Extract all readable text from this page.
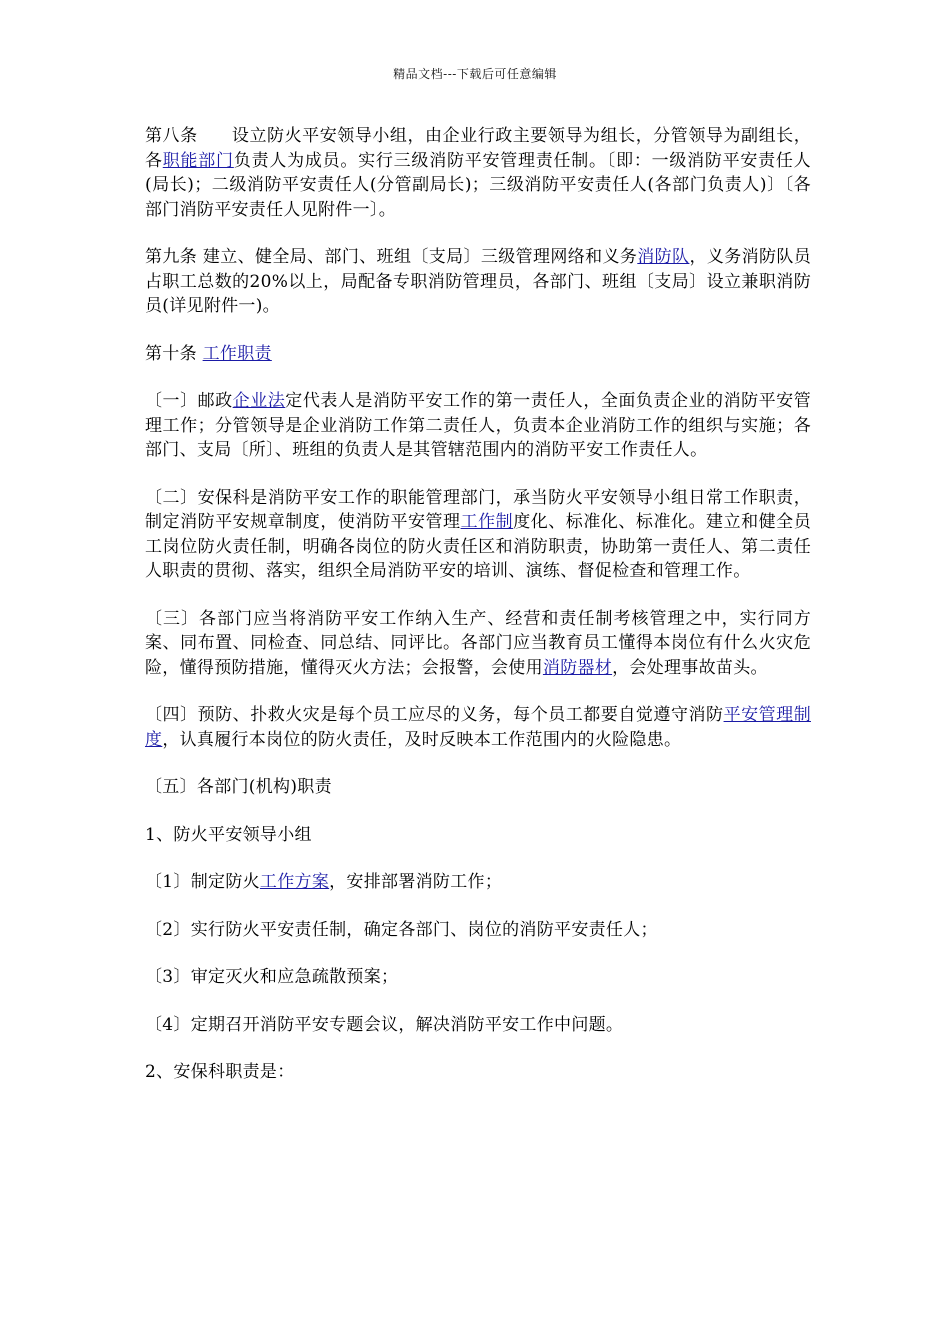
精品文档---下载后可任意编辑

第八条 设立防火平安领导小组，由企业行政主要领导为组长，分管领导为副组长，各职能部门负责人为成员。实行三级消防平安管理责任制。〔即：一级消防平安责任人(局长)；二级消防平安责任人(分管副局长)；三级消防平安责任人(各部门负责人)〕〔各部门消防平安责任人见附件一〕。

第九条 建立、健全局、部门、班组〔支局〕三级管理网络和义务消防队，义务消防队员占职工总数的20%以上，局配备专职消防管理员，各部门、班组〔支局〕设立兼职消防员(详见附件一)。

第十条 工作职责

〔一〕邮政企业法定代表人是消防平安工作的第一责任人，全面负责企业的消防平安管理工作；分管领导是企业消防工作第二责任人，负责本企业消防工作的组织与实施；各部门、支局〔所〕、班组的负责人是其管辖范围内的消防平安工作责任人。

〔二〕安保科是消防平安工作的职能管理部门，承当防火平安领导小组日常工作职责，制定消防平安规章制度，使消防平安管理工作制度化、标准化、标准化。建立和健全员工岗位防火责任制，明确各岗位的防火责任区和消防职责，协助第一责任人、第二责任人职责的贯彻、落实，组织全局消防平安的培训、演练、督促检查和管理工作。

〔三〕各部门应当将消防平安工作纳入生产、经营和责任制考核管理之中，实行同方案、同布置、同检查、同总结、同评比。各部门应当教育员工懂得本岗位有什么火灾危险，懂得预防措施，懂得灭火方法；会报警，会使用消防器材，会处理事故苗头。

〔四〕预防、扑救火灾是每个员工应尽的义务，每个员工都要自觉遵守消防平安管理制度，认真履行本岗位的防火责任，及时反映本工作范围内的火险隐患。

〔五〕各部门(机构)职责

1、防火平安领导小组

〔1〕制定防火工作方案，安排部署消防工作；

〔2〕实行防火平安责任制，确定各部门、岗位的消防平安责任人；

〔3〕审定灭火和应急疏散预案；

〔4〕定期召开消防平安专题会议，解决消防平安工作中问题。

2、安保科职责是：
